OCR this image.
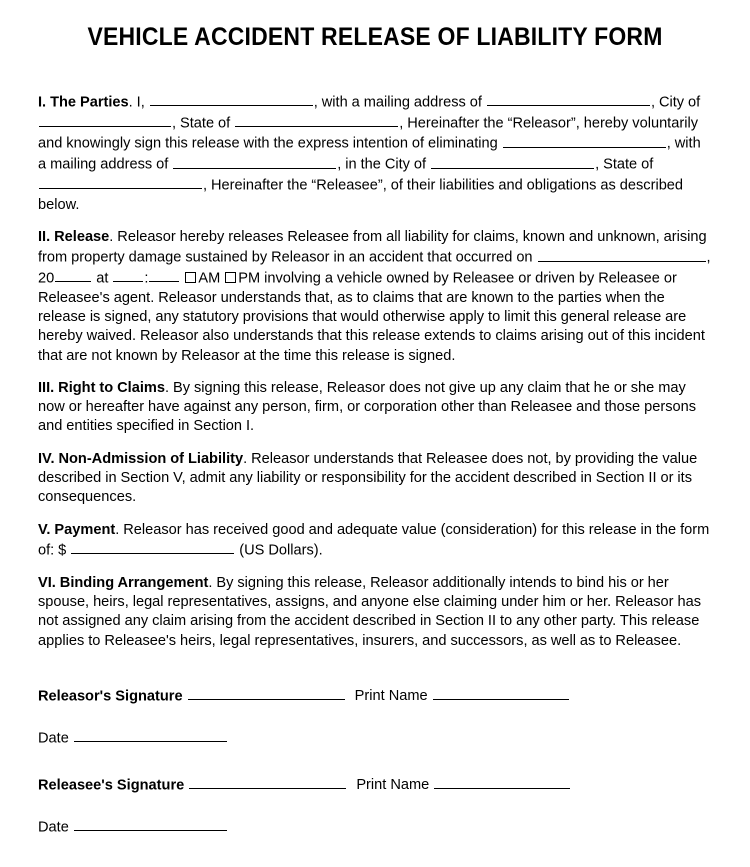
VEHICLE ACCIDENT RELEASE OF LIABILITY FORM

I. The Parties. I,	, with a mailing address of	, City of , State of	, Hereinafter the “Releasor”, hereby voluntarily and knowingly sign this release with the express intention of eliminating	, with a mailing address of	, in the City of	, State of , Hereinafter the “Releasee”, of their liabilities and obligations as described below.

II. Release. Releasor hereby releases Releasee from all liability for claims, known and unknown, arising from property damage sustained by Releasor in an accident that occurred on	, 20	at :	AM PM involving a vehicle owned by Releasee or driven by Releasee or Releasee's agent. Releasor understands that, as to claims that are known to the parties when the release is signed, any statutory provisions that would otherwise apply to limit this general release are hereby waived. Releasor also understands that this release extends to claims arising out of this incident that are not known by Releasor at the time this release is signed.

III. Right to Claims. By signing this release, Releasor does not give up any claim that he or she may now or hereafter have against any person, firm, or corporation other than Releasee and those persons and entities specified in Section I.

IV. Non-Admission of Liability. Releasor understands that Releasee does not, by providing the value described in Section V, admit any liability or responsibility for the accident described in Section II or its consequences.

V. Payment. Releasor has received good and adequate value (consideration) for this release in the form of: $	(US Dollars).

VI. Binding Arrangement. By signing this release, Releasor additionally intends to bind his or her spouse, heirs, legal representatives, assigns, and anyone else claiming under him or her. Releasor has not assigned any claim arising from the accident described in Section II to any other party. This release applies to Releasee's heirs, legal representatives, insurers, and successors, as well as to Releasee.

Releasor's Signature	Print Name
Date
Releasee's Signature	Print Name
Date
